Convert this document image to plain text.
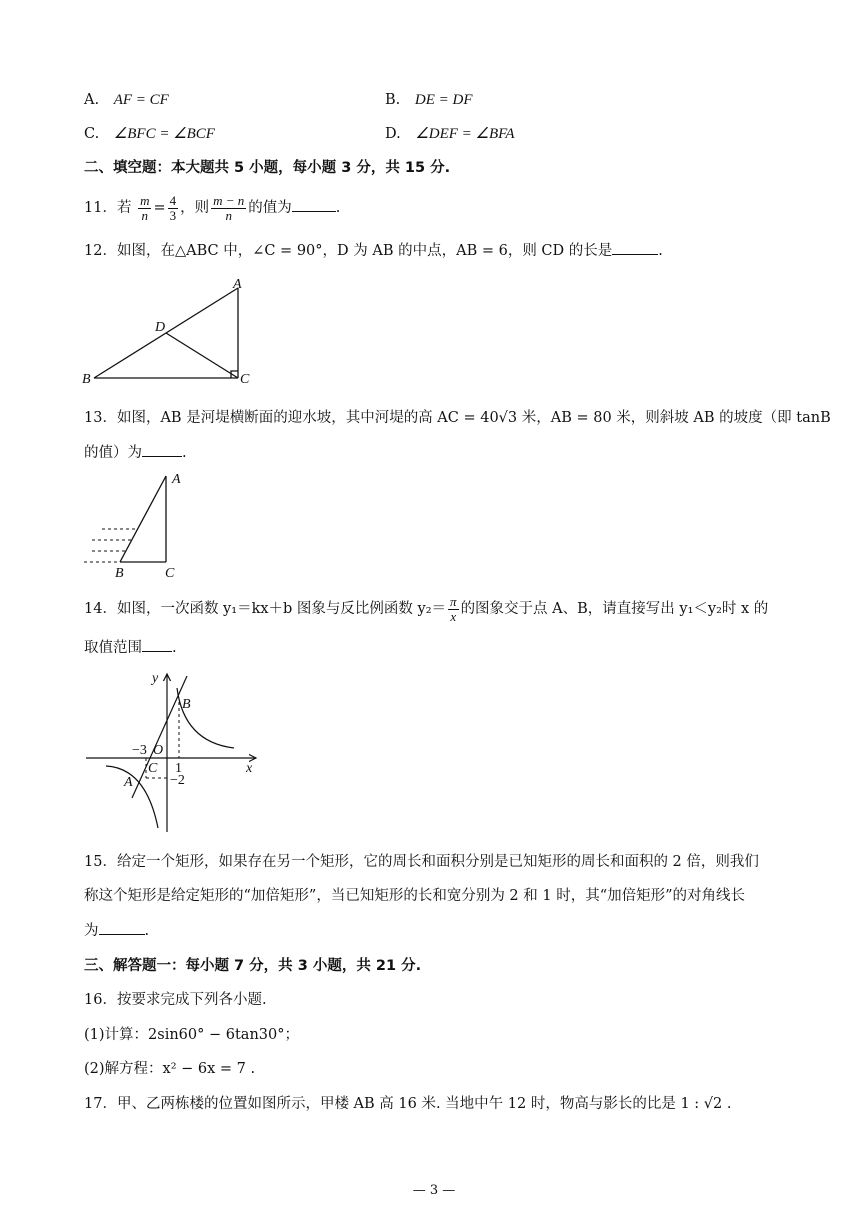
A. AF = CF	B. DE = DF
C. ∠BFC = ∠BCF	D. ∠DEF = ∠BFA
二、填空题：本大题共 5 小题，每小题 3 分，共 15 分.
11．若 $\frac{m}{n} = \frac{4}{3}$ ，则 $\frac{m - n}{n}$ 的值为	.
12．如图，在△ABC 中，∠C = 90°，D 为 AB 的中点，AB = 6，则 CD 的长是	.
A
B	C
D
13．如图，AB 是河堤横断面的迎水坡，其中河堤的高 AC = 40√3 米，AB = 80 米，则斜坡 AB 的坡度（即 tanB
的值）为	.
A
B	C
14．如图，一次函数 y₁＝kx＋b 图象与反比例函数 $y_2= \frac{\pi}{x}$ 的图象交于点 A、B，请直接写出 y₁＜y₂时 x 的
取值范围 .
y
x
B
A
O
C
−3
1
−2
15．给定一个矩形，如果存在另一个矩形，它的周长和面积分别是已知矩形的周长和面积的 2 倍，则我们
称这个矩形是给定矩形的“加倍矩形”，当已知矩形的长和宽分别为 2 和 1 时，其“加倍矩形”的对角线长
为	.
三、解答题一：每小题 7 分，共 3 小题，共 21 分.
16．按要求完成下列各小题.
(1)计算：2sin60° − 6tan30°；
(2)解方程：x² − 6x = 7 .
17．甲、乙两栋楼的位置如图所示，甲楼 AB 高 16 米. 当地中午 12 时，物高与影长的比是 1 : √2 .
— 3 —
